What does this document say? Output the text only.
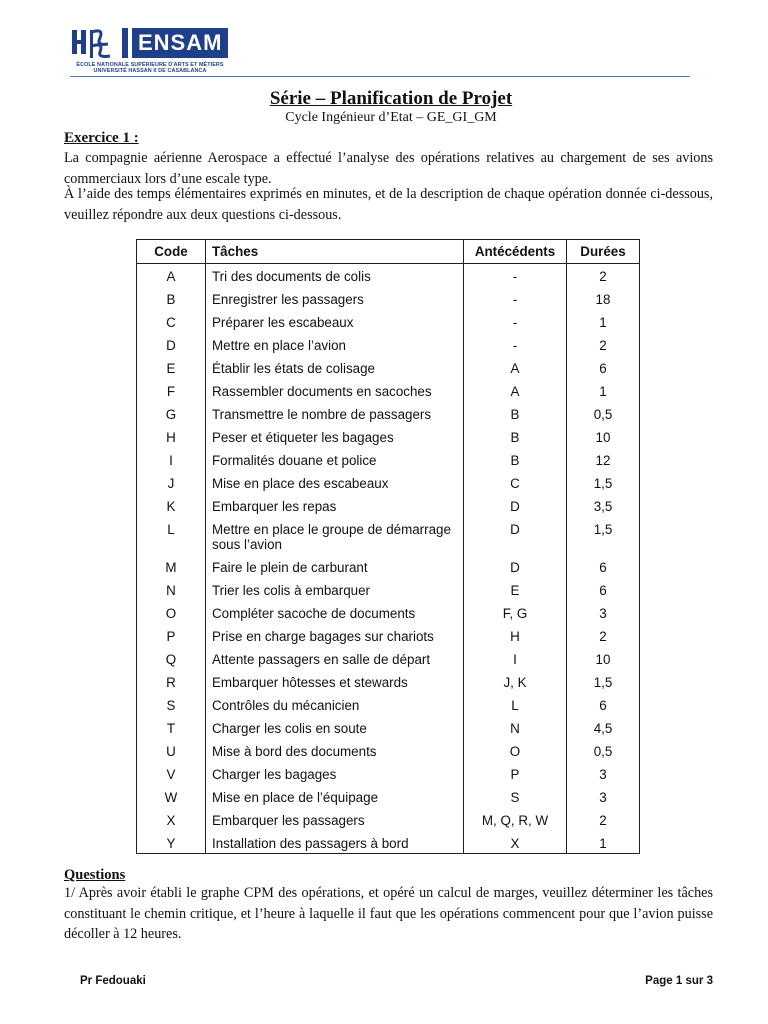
ENSAM
ÉCOLE NATIONALE SUPÉRIEURE D'ARTS ET MÉTIERS
UNIVERSITÉ HASSAN II DE CASABLANCA
Série – Planification de Projet
Cycle Ingénieur d’Etat – GE_GI_GM
Exercice 1 :
La compagnie aérienne Aerospace a effectué l’analyse des opérations relatives au chargement de ses avions commerciaux lors d’une escale type.
À l’aide des temps élémentaires exprimés en minutes, et de la description de chaque opération donnée ci-dessous, veuillez répondre aux deux questions ci-dessous.
Code	Tâches	Antécédents	Durées
A	Tri des documents de colis	-	2
B	Enregistrer les passagers	-	18
C	Préparer les escabeaux	-	1
D	Mettre en place l’avion	-	2
E	Établir les états de colisage	A	6
F	Rassembler documents en sacoches	A	1
G	Transmettre le nombre de passagers	B	0,5
H	Peser et étiqueter les bagages	B	10
I	Formalités douane et police	B	12
J	Mise en place des escabeaux	C	1,5
K	Embarquer les repas	D	3,5
L	Mettre en place le groupe de démarrage sous l’avion	D	1,5
M	Faire le plein de carburant	D	6
N	Trier les colis à embarquer	E	6
O	Compléter sacoche de documents	F, G	3
P	Prise en charge bagages sur chariots	H	2
Q	Attente passagers en salle de départ	I	10
R	Embarquer hôtesses et stewards	J, K	1,5
S	Contrôles du mécanicien	L	6
T	Charger les colis en soute	N	4,5
U	Mise à bord des documents	O	0,5
V	Charger les bagages	P	3
W	Mise en place de l’équipage	S	3
X	Embarquer les passagers	M, Q, R, W	2
Y	Installation des passagers à bord	X	1
Questions
1/ Après avoir établi le graphe CPM des opérations, et opéré un calcul de marges, veuillez déterminer les tâches constituant le chemin critique, et l’heure à laquelle il faut que les opérations commencent pour que l’avion puisse décoller à 12 heures.
Pr Fedouaki	Page 1 sur 3
